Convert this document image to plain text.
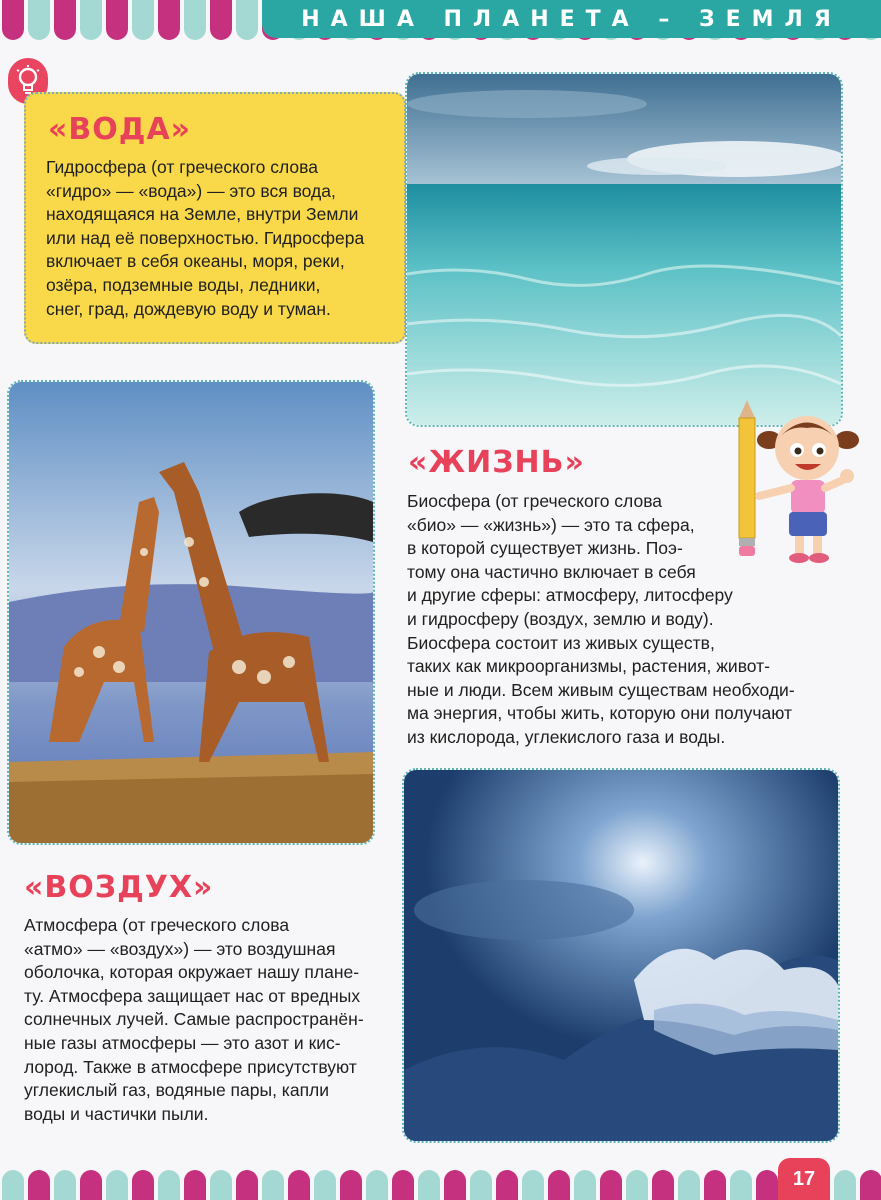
НАША ПЛАНЕТА – ЗЕМЛЯ
«ВОДА»
Гидросфера (от греческого слова
«гидро» — «вода») — это вся вода,
находящаяся на Земле, внутри Земли
или над её поверхностью. Гидросфера
включает в себя океаны, моря, реки,
озёра, подземные воды, ледники,
снег, град, дождевую воду и туман.
«ЖИЗНЬ»
Биосфера (от греческого слова
«био» — «жизнь») — это та сфера,
в которой существует жизнь. Поэ-
тому она частично включает в себя
и другие сферы: атмосферу, литосферу
и гидросферу (воздух, землю и воду).
Биосфера состоит из живых существ,
таких как микроорганизмы, растения, живот-
ные и люди. Всем живым существам необходи-
ма энергия, чтобы жить, которую они получают
из кислорода, углекислого газа и воды.
«ВОЗДУХ»
Атмосфера (от греческого слова
«атмо» — «воздух») — это воздушная
оболочка, которая окружает нашу плане-
ту. Атмосфера защищает нас от вредных
солнечных лучей. Самые распространён-
ные газы атмосферы — это азот и кис-
лород. Также в атмосфере присутствуют
углекислый газ, водяные пары, капли
воды и частички пыли.
17
